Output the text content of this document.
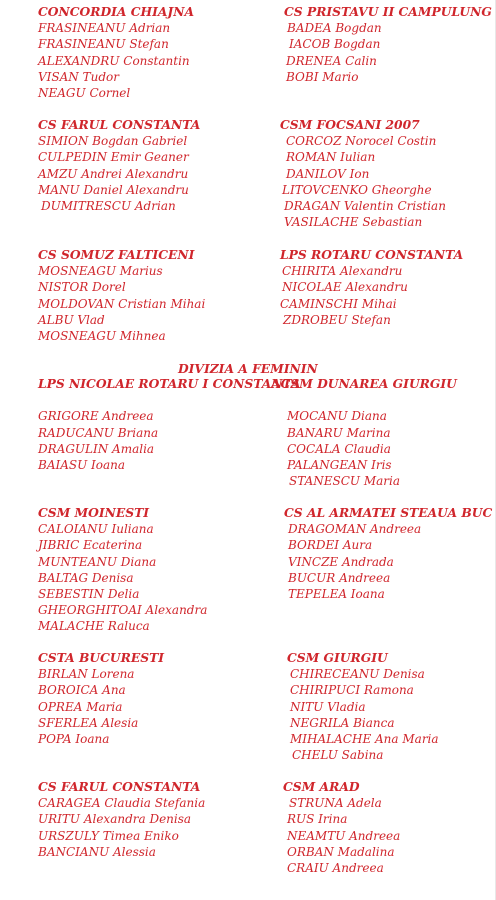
CONCORDIA CHIAJNA
FRASINEANU Adrian
FRASINEANU Stefan
ALEXANDRU Constantin
VISAN Tudor
NEAGU Cornel
CS PRISTAVU II CAMPULUNG
BADEA Bogdan
IACOB Bogdan
DRENEA Calin
BOBI Mario
CS FARUL CONSTANTA
SIMION Bogdan Gabriel
CULPEDIN Emir Geaner
AMZU Andrei Alexandru
MANU Daniel Alexandru
DUMITRESCU Adrian
CSM FOCSANI 2007
CORCOZ Norocel Costin
ROMAN Iulian
DANILOV Ion
LITOVCENKO Gheorghe
DRAGAN Valentin Cristian
VASILACHE Sebastian
CS SOMUZ FALTICENI
MOSNEAGU Marius
NISTOR Dorel
MOLDOVAN Cristian Mihai
ALBU Vlad
MOSNEAGU Mihnea
LPS ROTARU CONSTANTA
CHIRITA Alexandru
NICOLAE Alexandru
CAMINSCHI Mihai
ZDROBEU Stefan
DIVIZIA A FEMININ
LPS NICOLAE ROTARU I CONSTANTA

GRIGORE Andreea
RADUCANU Briana
DRAGULIN Amalia
BAIASU Ioana
ACSM DUNAREA GIURGIU

MOCANU Diana
BANARU Marina
COCALA Claudia
PALANGEAN Iris
STANESCU Maria
CSM MOINESTI
CALOIANU Iuliana
JIBRIC Ecaterina
MUNTEANU Diana
BALTAG Denisa
SEBESTIN Delia
GHEORGHITOAI Alexandra
MALACHE Raluca
CS AL ARMATEI STEAUA BUC
DRAGOMAN Andreea
BORDEI Aura
VINCZE Andrada
BUCUR Andreea
TEPELEA Ioana
CSTA BUCURESTI
BIRLAN Lorena
BOROICA Ana
OPREA Maria
SFERLEA Alesia
POPA Ioana
CSM GIURGIU
CHIRECEANU Denisa
CHIRIPUCI Ramona
NITU Vladia
NEGRILA Bianca
MIHALACHE Ana Maria
CHELU Sabina
CS FARUL CONSTANTA
CARAGEA Claudia Stefania
URITU Alexandra Denisa
URSZULY Timea Eniko
BANCIANU Alessia
CSM ARAD
STRUNA Adela
RUS Irina
NEAMTU Andreea
ORBAN Madalina
CRAIU Andreea
